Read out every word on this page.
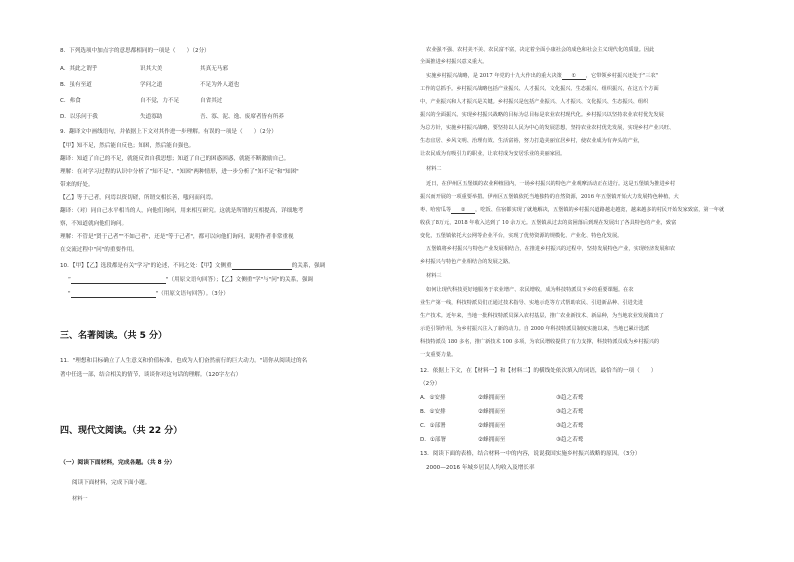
8．下列选项中加点字的意思都相同的一项是（　　）（2分）
A．其此之谓乎	识其大美	其真无马邪
B．虽有至道	学问之道	不足为外人道也
C．弗食	自不觉，力不足	自省其过
D．以乐问于我	失道寡助	吾、寡、泥、逸、废席者皆有所养
9．翻译文中画线语句，并依据上下文对其作进一步理解。有误的一项是（　　）（2分）
【甲】知不足，然后能自反也；知困，然后能自强也。
翻译：知道了自己的不足，就能反省自我思想；知道了自己的困惑困惑，就能不断激励自己。
理解：在对学习过程的认识中分析了"知不足"、"知困"两种情形，进一步分析了"知不足"和"知困"
带来的好处。
【乙】等于己者，问焉以资切磋，所谓交相长善，嗤问而问焉。
翻译：（对）同自己水平相当的人，向他们询问，用来相互研究。这就是所谓的互相提高，详细地考
察，不知道就向他们询问。
理解：不管是"贤于己者""不如己者"，还是"等于己者"，都可以向他们询问，说明作者非常重视
在交流过程中"问"的重要作用。
10．【甲】【乙】选段都是有关"学习"的论述，不同之处：【甲】文侧重	的关系，强调
“	"（用原文语句回答）；【乙】文侧重"学"与"问"的关系，强调
"	"（用原文语句回答）。（3分）
三、名著阅读。（共 5 分）
11．"理想和目标确立了人生意义和价值标准，也成为人们奋然前行的巨大动力。"请你从阅读过的名
著中任选一部，结合相关的情节，谈谈你对这句话的理解。（120字左右）
四、现代文阅读。（共 22 分）
（一）阅读下面材料，完成各题。（共 8 分）
阅读下面材料，完成下面小题。
材料一
农业强不强、农村美不美、农民富不富，决定着全面小康社会的成色和社会主义现代化的质量。因此
全面推进乡村振兴意义重大。
实施乡村振兴战略，是 2017 年党的十九大作出的重大决策 ① ，它带领乡村振兴还处于"三农"
工作的总抓手。乡村振兴战略包括产业振兴、人才振兴、文化振兴、生态振兴、组织振兴，在这五个方面
中，产业振兴和人才振兴是关键。乡村振兴是包括产业振兴、人才振兴、文化振兴、生态振兴、组织
振兴的全面振兴。实现乡村振兴战略的目标为总目标是农业农村现代化。乡村振兴以坚持农业农村优先发展
为总方针，实施乡村振兴战略，要坚持以人民为中心的发展思想，坚持农业农村优先发展，实现乡村产业兴旺、
生态宜居、乡风文明、治理有效、生活富裕，努力打造美丽宜居乡村，使农业成为有奔头的产业，
让农民成为有吸引力的职业，让农村成为安居乐业的美丽家园。
材料二
近日，在伊州区五堡镇的农业种植园内，一场乡村振兴的特色产业观摩活动正在进行。这是五堡镇为推进乡村
振兴而开展的一项重要举措。伊州区五堡镇依托当地独特的自然资源，2016 年五堡镇开始大力发展特色种植，大
枣、哈密瓜等 ② ，吃饭、住宿都实现了就地解决，五堡镇的乡村振兴道路越走越宽，越来越多的村民开始发家致富，第一年就
收获了8万元，2018 年收入达到了 10 余万元。五堡镇从过去的贫困落后到现在发展出了各具特色的产业，致富
变化，五堡镇依托大公网等企业平台，实现了优势资源的规模化、产业化、特色化发展。
五堡镇将乡村振兴与特色产业发展相结合，在推进乡村振兴的过程中，坚持发展特色产业，实现经济发展和农
乡村振兴与特色产业相结合的发展之路。
材料三
如何让现代科技更好地服务于农业增产、农民增收，成为科技特派员下乡的重要课题。在农
业生产第一线，科技特派员们正通过技术指导、实地示范等方式帮助农民、引进新品种、引进先进
生产技术。近年来，当地一批科技特派员深入农村基层，推广农业新技术、新品种，为当地农业发展做出了
示范引领作用，为乡村振兴注入了新的动力。自 2000 年科技特派员制度实施以来，当地已累计选派
科技特派员 180 多名，推广新技术 100 多项，为农民增收提供了有力支撑，科技特派员成为乡村振兴的
一支重要力量。
12．依据上下文，在【材料一】和【材料二】的横线处依次填入的词语，最恰当的一项（　　）
（2分）
A．①安排	②蜂拥而至	③趋之若鹜
B．①安排	②蜂拥而至	③趋之若鹜
C．①部署	②蜂拥而至	③趋之若鹜
D．①部署	②蜂拥而至	③趋之若鹜
13．阅读下面的表格，结合材料一中的内容，说说我国实施乡村振兴战略的原因。（3分）
2000—2016 年城乡居民人均收入及增长率
